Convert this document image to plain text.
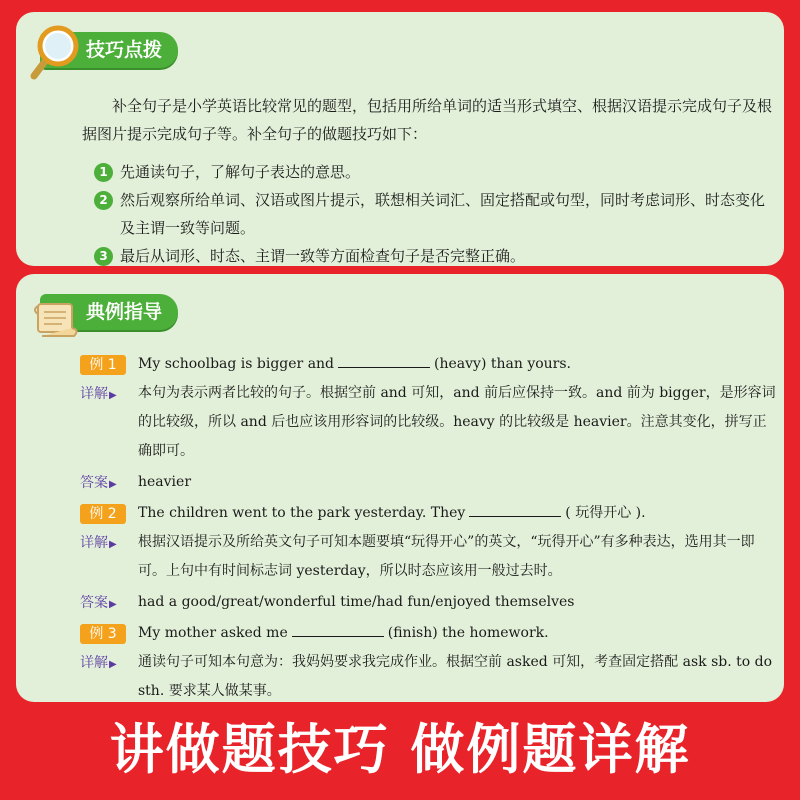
技巧点拨
补全句子是小学英语比较常见的题型，包括用所给单词的适当形式填空、根据汉语提示完成句子及根据图片提示完成句子等。补全句子的做题技巧如下：
1 先通读句子，了解句子表达的意思。
2 然后观察所给单词、汉语或图片提示，联想相关词汇、固定搭配或句型，同时考虑词形、时态变化及主谓一致等问题。
3 最后从词形、时态、主谓一致等方面检查句子是否完整正确。
典例指导
例 1	My schoolbag is bigger and	(heavy) than yours.
详解▶	本句为表示两者比较的句子。根据空前 and 可知，and 前后应保持一致。and 前为 bigger，是形容词的比较级，所以 and 后也应该用形容词的比较级。heavy 的比较级是 heavier。注意其变化，拼写正确即可。
答案▶ heavier
例 2	The children went to the park yesterday. They	( 玩得开心 ).
详解▶	根据汉语提示及所给英文句子可知本题要填“玩得开心”的英文，“玩得开心”有多种表达，选用其一即可。上句中有时间标志词 yesterday，所以时态应该用一般过去时。
答案▶ had a good/great/wonderful time/had fun/enjoyed themselves
例 3	My mother asked me	(finish) the homework.
详解▶	通读句子可知本句意为：我妈妈要求我完成作业。根据空前 asked 可知，考查固定搭配 ask sb. to do sth. 要求某人做某事。
讲做题技巧 做例题详解
